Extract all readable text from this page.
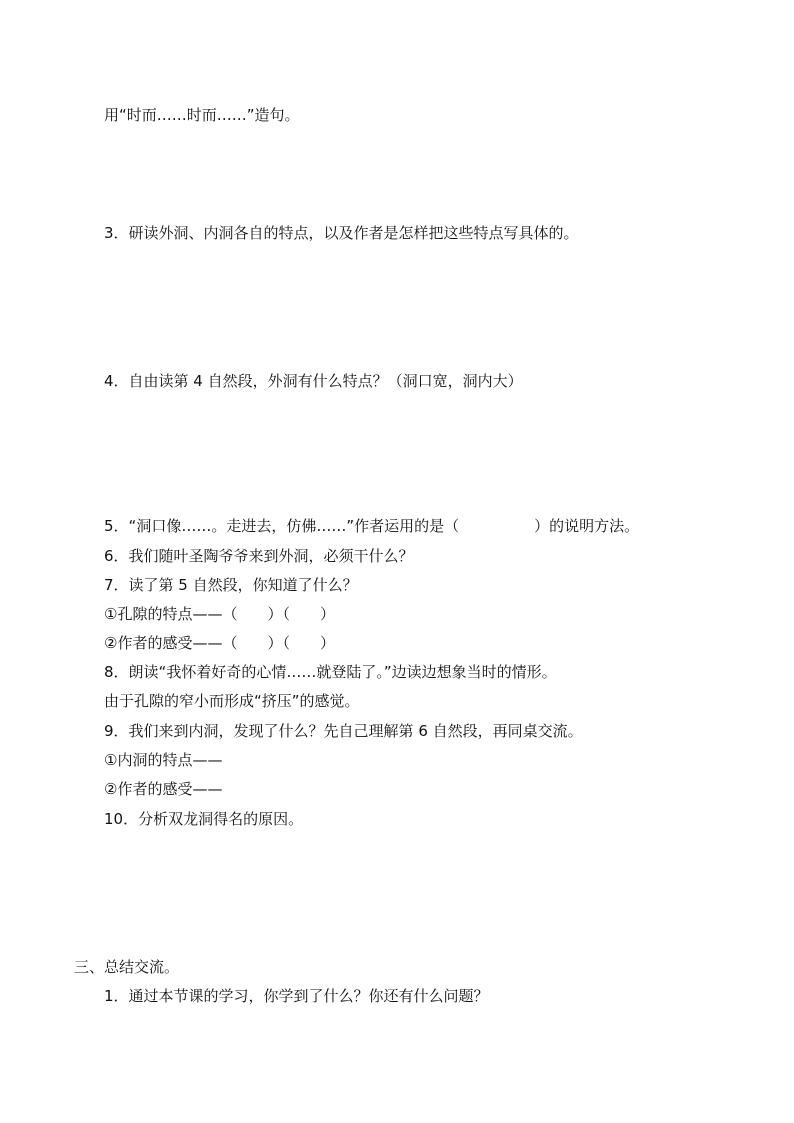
用“时而……时而……”造句。
3．研读外洞、内洞各自的特点，以及作者是怎样把这些特点写具体的。
4．自由读第 4 自然段，外洞有什么特点？（洞口宽，洞内大）
5．“洞口像……。走进去，仿佛……”作者运用的是（　　　　　）的说明方法。
6．我们随叶圣陶爷爷来到外洞，必须干什么？
7．读了第 5 自然段，你知道了什么？
①孔隙的特点——（　　）（　　）
②作者的感受——（　　）（　　）
8．朗读“我怀着好奇的心情……就登陆了。”边读边想象当时的情形。
由于孔隙的窄小而形成“挤压”的感觉。
9．我们来到内洞，发现了什么？先自己理解第 6 自然段，再同桌交流。
①内洞的特点——
②作者的感受——
10．分析双龙洞得名的原因。
三、总结交流。
1．通过本节课的学习，你学到了什么？你还有什么问题？
